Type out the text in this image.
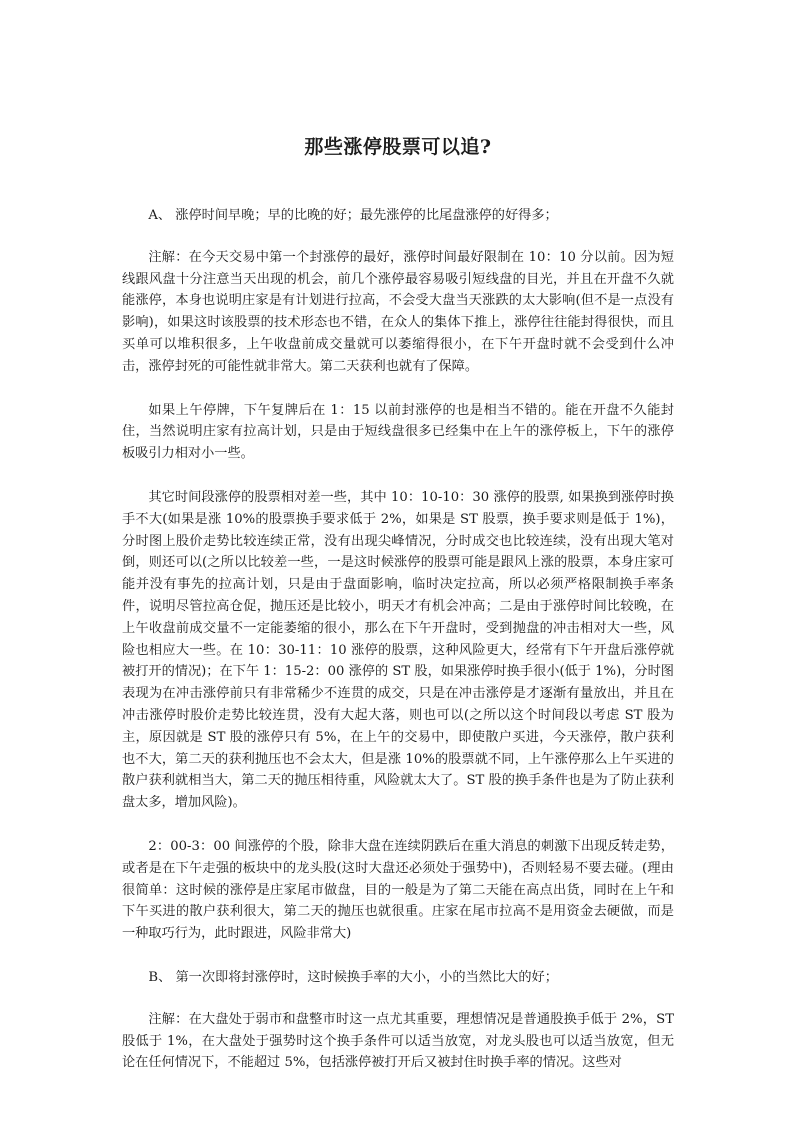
那些涨停股票可以追?

A、 涨停时间早晚；早的比晚的好；最先涨停的比尾盘涨停的好得多；

注解：在今天交易中第一个封涨停的最好，涨停时间最好限制在 10：10 分以前。因为短线跟风盘十分注意当天出现的机会，前几个涨停最容易吸引短线盘的目光，并且在开盘不久就能涨停，本身也说明庄家是有计划进行拉高，不会受大盘当天涨跌的太大影响(但不是一点没有影响)，如果这时该股票的技术形态也不错，在众人的集体下推上，涨停往往能封得很快，而且买单可以堆积很多，上午收盘前成交量就可以萎缩得很小，在下午开盘时就不会受到什么冲击，涨停封死的可能性就非常大。第二天获利也就有了保障。

如果上午停牌，下午复牌后在 1：15 以前封涨停的也是相当不错的。能在开盘不久能封住，当然说明庄家有拉高计划，只是由于短线盘很多已经集中在上午的涨停板上，下午的涨停板吸引力相对小一些。

其它时间段涨停的股票相对差一些，其中 10：10-10：30 涨停的股票, 如果换到涨停时换手不大(如果是涨 10%的股票换手要求低于 2%，如果是 ST 股票，换手要求则是低于 1%)，分时图上股价走势比较连续正常，没有出现尖峰情况，分时成交也比较连续，没有出现大笔对倒，则还可以(之所以比较差一些，一是这时候涨停的股票可能是跟风上涨的股票，本身庄家可能并没有事先的拉高计划，只是由于盘面影响，临时决定拉高，所以必须严格限制换手率条件，说明尽管拉高仓促，抛压还是比较小，明天才有机会冲高；二是由于涨停时间比较晚，在上午收盘前成交量不一定能萎缩的很小，那么在下午开盘时，受到抛盘的冲击相对大一些，风险也相应大一些。在 10：30-11：10 涨停的股票，这种风险更大，经常有下午开盘后涨停就被打开的情况)；在下午 1：15-2：00 涨停的 ST 股，如果涨停时换手很小(低于 1%)，分时图表现为在冲击涨停前只有非常稀少不连贯的成交，只是在冲击涨停是才逐渐有量放出，并且在冲击涨停时股价走势比较连贯，没有大起大落，则也可以(之所以这个时间段以考虑 ST 股为主，原因就是 ST 股的涨停只有 5%，在上午的交易中，即使散户买进，今天涨停，散户获利也不大，第二天的获利抛压也不会太大，但是涨 10%的股票就不同，上午涨停那么上午买进的散户获利就相当大，第二天的抛压相待重，风险就太大了。ST 股的换手条件也是为了防止获利盘太多，增加风险)。

2：00-3：00 间涨停的个股，除非大盘在连续阴跌后在重大消息的刺激下出现反转走势，或者是在下午走强的板块中的龙头股(这时大盘还必须处于强势中)，否则轻易不要去碰。(理由很简单：这时候的涨停是庄家尾市做盘，目的一般是为了第二天能在高点出货，同时在上午和下午买进的散户获利很大，第二天的抛压也就很重。庄家在尾市拉高不是用资金去硬做，而是一种取巧行为，此时跟进，风险非常大)

B、 第一次即将封涨停时，这时候换手率的大小，小的当然比大的好；

注解：在大盘处于弱市和盘整市时这一点尤其重要，理想情况是普通股换手低于 2%，ST 股低于 1%，在大盘处于强势时这个换手条件可以适当放宽，对龙头股也可以适当放宽，但无论在任何情况下，不能超过 5%，包括涨停被打开后又被封住时换手率的情况。这些对
